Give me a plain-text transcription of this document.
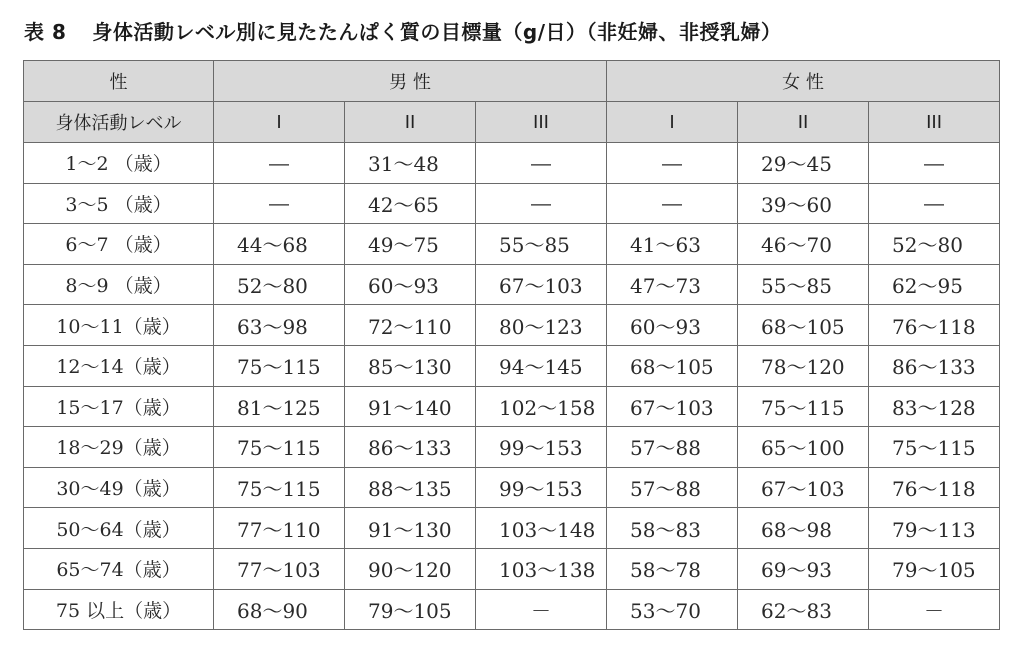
表 8 身体活動レベル別に見たたんぱく質の目標量（g/日）（非妊婦、非授乳婦）
性	男 性			女 性		
身体活動レベル	I	II	III	I	II	III
1～2 （歳）	―	31～48	―	―	29～45	―
3～5 （歳）	―	42～65	―	―	39～60	―
6～7 （歳）	44～68	49～75	55～85	41～63	46～70	52～80
8～9 （歳）	52～80	60～93	67～103	47～73	55～85	62～95
10～11（歳）	63～98	72～110	80～123	60～93	68～105	76～118
12～14（歳）	75～115	85～130	94～145	68～105	78～120	86～133
15～17（歳）	81～125	91～140	102～158	67～103	75～115	83～128
18～29（歳）	75～115	86～133	99～153	57～88	65～100	75～115
30～49（歳）	75～115	88～135	99～153	57～88	67～103	76～118
50～64（歳）	77～110	91～130	103～148	58～83	68～98	79～113
65～74（歳）	77～103	90～120	103～138	58～78	69～93	79～105
75 以上（歳）	68～90	79～105	－	53～70	62～83	－
